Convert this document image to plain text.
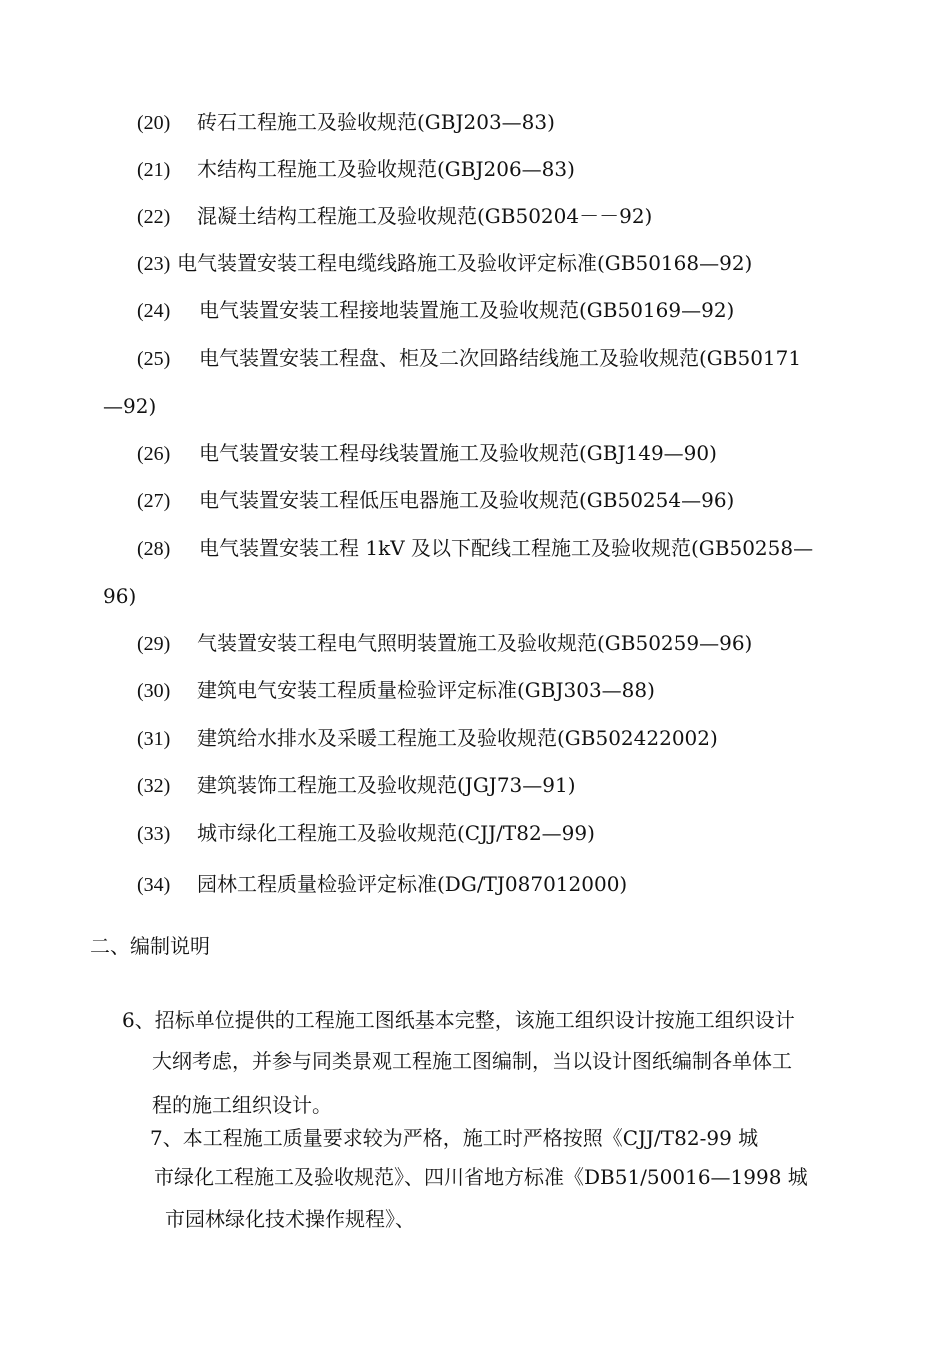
(20) 砖石工程施工及验收规范(GBJ203—83)
(21) 木结构工程施工及验收规范(GBJ206—83)
(22) 混凝土结构工程施工及验收规范(GB50204－－92)
(23) 电气装置安装工程电缆线路施工及验收评定标准(GB50168—92)
(24) 电气装置安装工程接地装置施工及验收规范(GB50169—92)
(25) 电气装置安装工程盘、柜及二次回路结线施工及验收规范(GB50171
—92)
(26) 电气装置安装工程母线装置施工及验收规范(GBJ149—90)
(27) 电气装置安装工程低压电器施工及验收规范(GB50254—96)
(28) 电气装置安装工程 1kV 及以下配线工程施工及验收规范(GB50258—
96)
(29) 气装置安装工程电气照明装置施工及验收规范(GB50259—96)
(30) 建筑电气安装工程质量检验评定标准(GBJ303—88)
(31) 建筑给水排水及采暖工程施工及验收规范(GB502422002)
(32) 建筑装饰工程施工及验收规范(JGJ73—91)
(33) 城市绿化工程施工及验收规范(CJJ/T82—99)
(34) 园林工程质量检验评定标准(DG/TJ087012000)
二、编制说明
6、招标单位提供的工程施工图纸基本完整，该施工组织设计按施工组织设计
大纲考虑，并参与同类景观工程施工图编制，当以设计图纸编制各单体工
程的施工组织设计。
7、本工程施工质量要求较为严格，施工时严格按照《CJJ/T82-99 城
市绿化工程施工及验收规范》、四川省地方标准《DB51/50016—1998 城
市园林绿化技术操作规程》、
